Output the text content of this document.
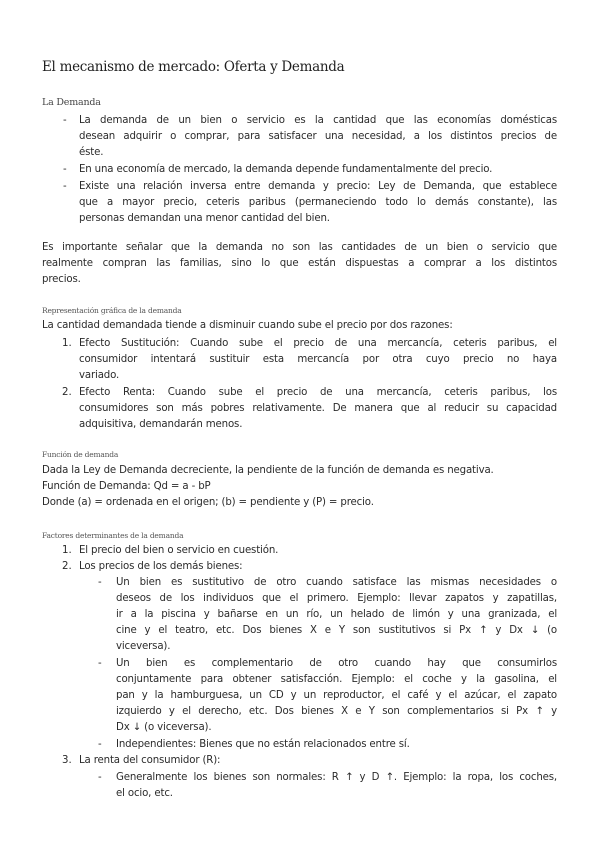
El mecanismo de mercado: Oferta y Demanda
La Demanda
- La demanda de un bien o servicio es la cantidad que las economías domésticas
desean adquirir o comprar, para satisfacer una necesidad, a los distintos precios de
éste.
- En una economía de mercado, la demanda depende fundamentalmente del precio.
- Existe una relación inversa entre demanda y precio: Ley de Demanda, que establece
que a mayor precio, ceteris paribus (permaneciendo todo lo demás constante), las
personas demandan una menor cantidad del bien.
Es importante señalar que la demanda no son las cantidades de un bien o servicio que
realmente compran las familias, sino lo que están dispuestas a comprar a los distintos
precios.
Representación gráfica de la demanda
La cantidad demandada tiende a disminuir cuando sube el precio por dos razones:
1. Efecto Sustitución: Cuando sube el precio de una mercancía, ceteris paribus, el
consumidor intentará sustituir esta mercancía por otra cuyo precio no haya
variado.
2. Efecto Renta: Cuando sube el precio de una mercancía, ceteris paribus, los
consumidores son más pobres relativamente. De manera que al reducir su capacidad
adquisitiva, demandarán menos.
Función de demanda
Dada la Ley de Demanda decreciente, la pendiente de la función de demanda es negativa.
Función de Demanda: Qd = a - bP
Donde (a) = ordenada en el origen; (b) = pendiente y (P) = precio.
Factores determinantes de la demanda
1. El precio del bien o servicio en cuestión.
2. Los precios de los demás bienes:
- Un bien es sustitutivo de otro cuando satisface las mismas necesidades o
deseos de los individuos que el primero. Ejemplo: llevar zapatos y zapatillas,
ir a la piscina y bañarse en un río, un helado de limón y una granizada, el
cine y el teatro, etc. Dos bienes X e Y son sustitutivos si Px ↑ y Dx ↓ (o
viceversa).
- Un bien es complementario de otro cuando hay que consumirlos
conjuntamente para obtener satisfacción. Ejemplo: el coche y la gasolina, el
pan y la hamburguesa, un CD y un reproductor, el café y el azúcar, el zapato
izquierdo y el derecho, etc. Dos bienes X e Y son complementarios si Px ↑ y
Dx ↓ (o viceversa).
- Independientes: Bienes que no están relacionados entre sí.
3. La renta del consumidor (R):
- Generalmente los bienes son normales: R ↑ y D ↑. Ejemplo: la ropa, los coches,
el ocio, etc.
